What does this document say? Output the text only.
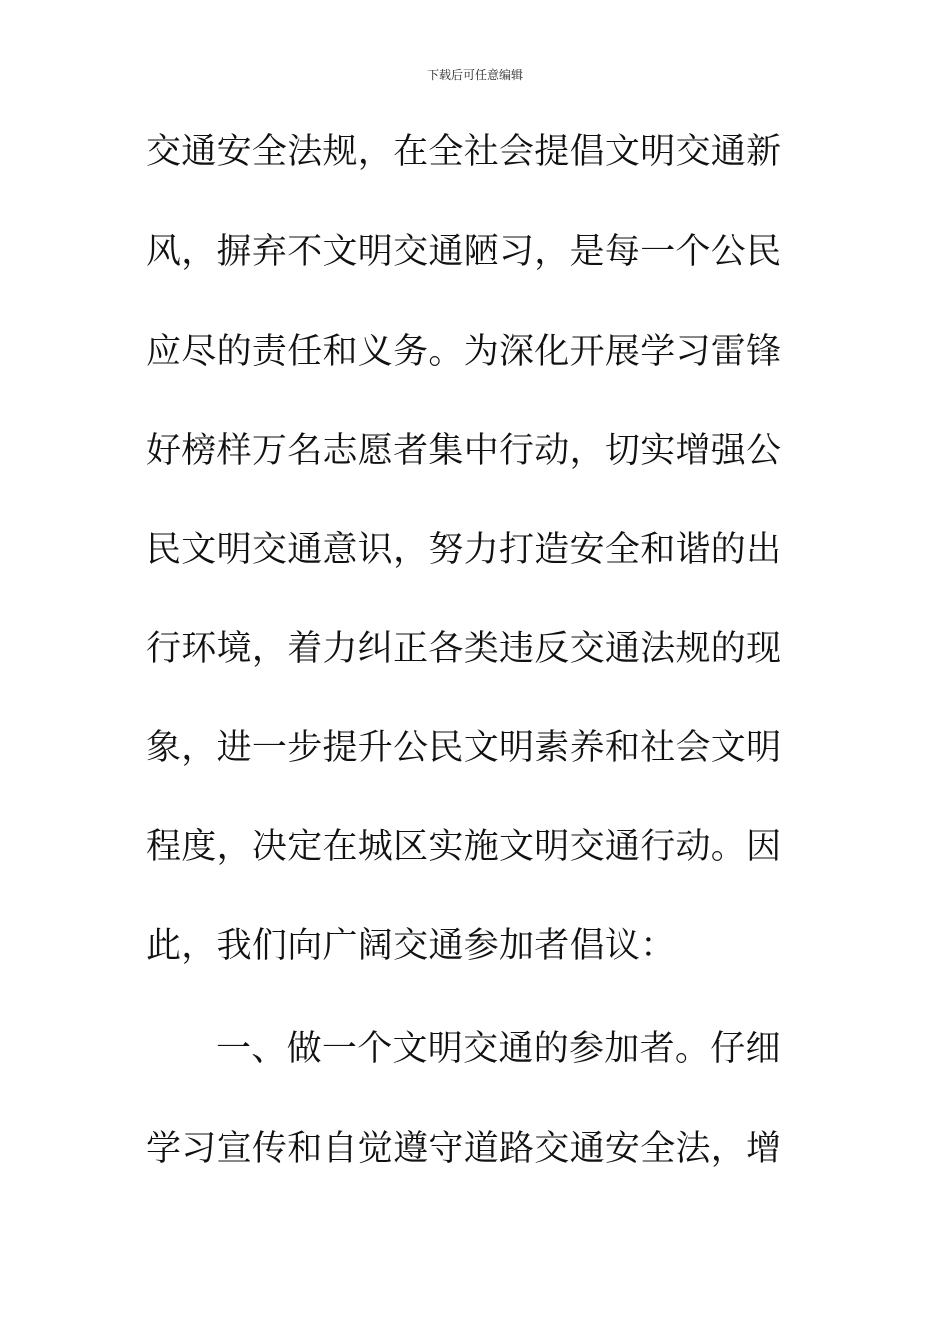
下载后可任意编辑
交通安全法规，在全社会提倡文明交通新
风，摒弃不文明交通陋习，是每一个公民
应尽的责任和义务。为深化开展学习雷锋
好榜样万名志愿者集中行动，切实增强公
民文明交通意识，努力打造安全和谐的出
行环境，着力纠正各类违反交通法规的现
象，进一步提升公民文明素养和社会文明
程度，决定在城区实施文明交通行动。因
此，我们向广阔交通参加者倡议：
一、做一个文明交通的参加者。仔细
学习宣传和自觉遵守道路交通安全法，增
